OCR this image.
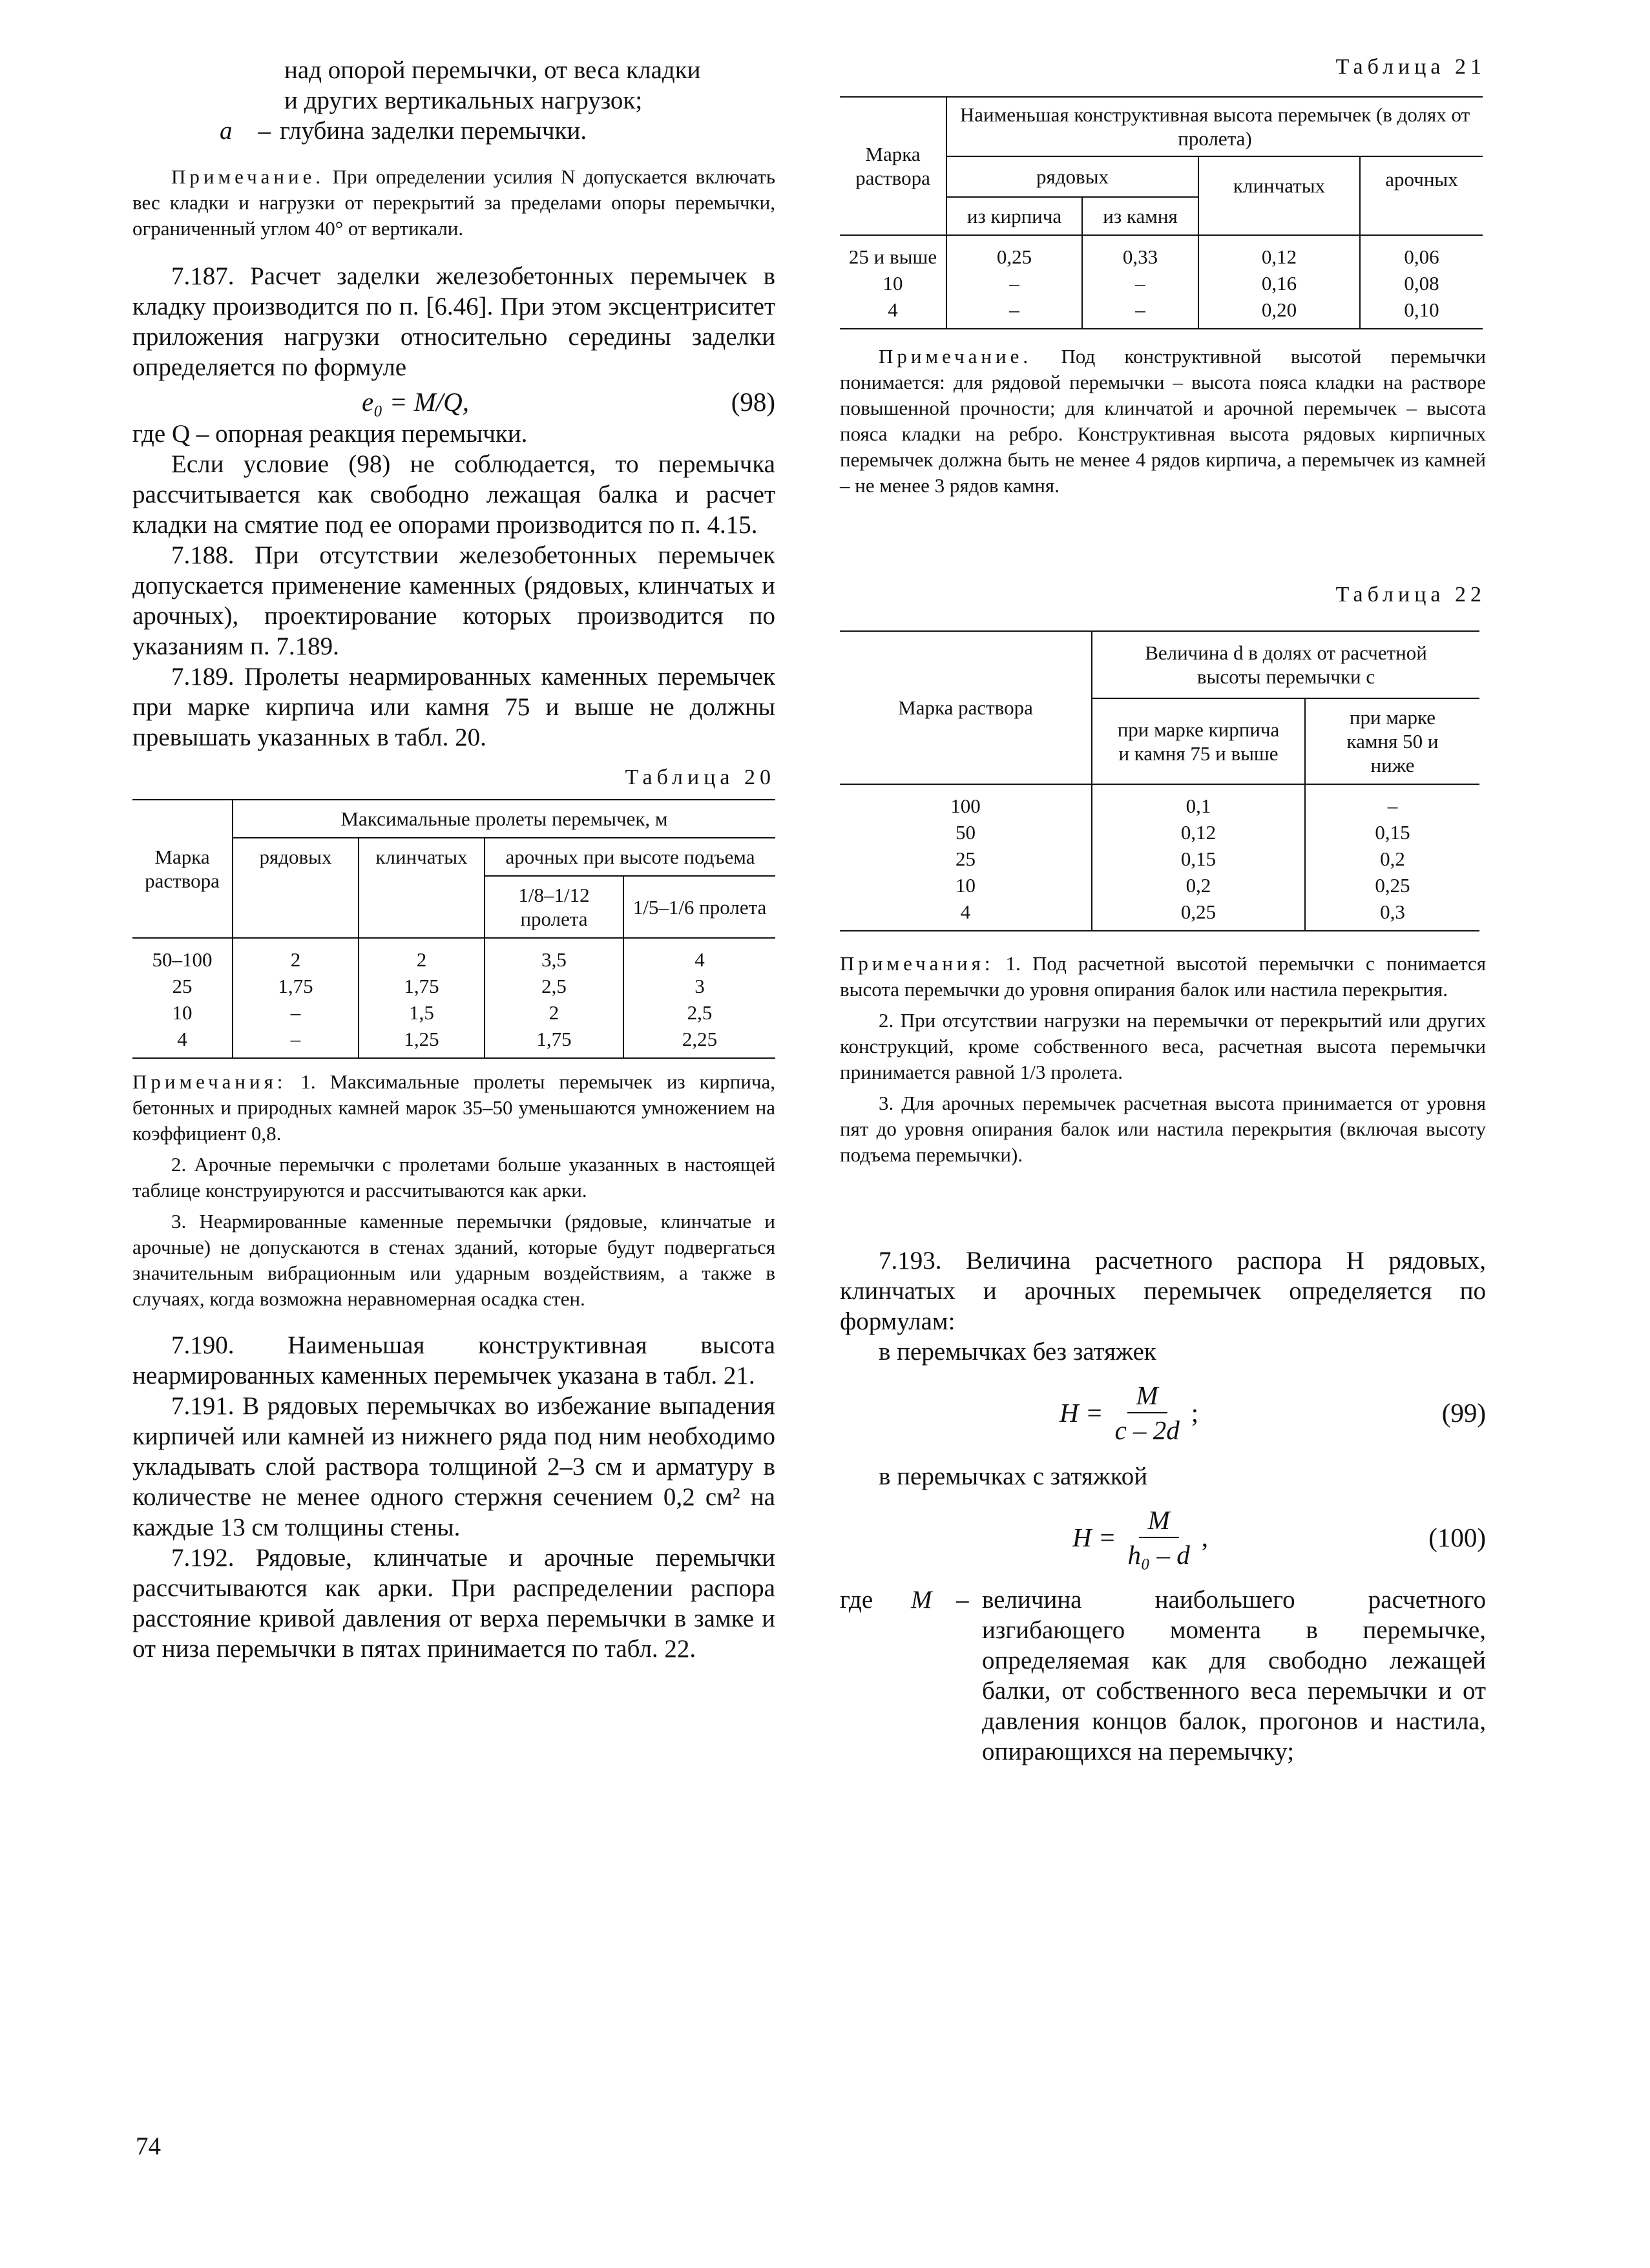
над опорой перемычки, от веса кладки

и других вертикальных нагрузок;

a – глубина заделки перемычки.

Примечание. При определении усилия N допускается включать вес кладки и нагрузки от перекрытий за пределами опоры перемычки, ограниченный углом 40° от вертикали.

7.187. Расчет заделки железобетонных перемычек в кладку производится по п. [6.46]. При этом эксцентриситет приложения нагрузки относительно середины заделки определяется по формуле

e₀ = M/Q,	(98)

где Q – опорная реакция перемычки.

Если условие (98) не соблюдается, то перемычка рассчитывается как свободно лежащая балка и расчет кладки на смятие под ее опорами производится по п. 4.15.

7.188. При отсутствии железобетонных перемычек допускается применение каменных (рядовых, клинчатых и арочных), проектирование которых производится по указаниям п. 7.189.

7.189. Пролеты неармированных каменных перемычек при марке кирпича или камня 75 и выше не должны превышать указанных в табл. 20.

Таблица 20

Марка раствора	Максимальные пролеты перемычек, м			
	рядовых	клинчатых	арочных при высоте подъема	
			1/8–1/12 пролета	1/5–1/6 пролета
50–100	2	2	3,5	4
25	1,75	1,75	2,5	3
10	–	1,5	2	2,5
4	–	1,25	1,75	2,25

Примечания: 1. Максимальные пролеты перемычек из кирпича, бетонных и природных камней марок 35–50 уменьшаются умножением на коэффициент 0,8.

2. Арочные перемычки с пролетами больше указанных в настоящей таблице конструируются и рассчитываются как арки.

3. Неармированные каменные перемычки (рядовые, клинчатые и арочные) не допускаются в стенах зданий, которые будут подвергаться значительным вибрационным или ударным воздействиям, а также в случаях, когда возможна неравномерная осадка стен.

7.190. Наименьшая конструктивная высота неармированных каменных перемычек указана в табл. 21.

7.191. В рядовых перемычках во избежание выпадения кирпичей или камней из нижнего ряда под ним необходимо укладывать слой раствора толщиной 2–3 см и арматуру в количестве не менее одного стержня сечением 0,2 см² на каждые 13 см толщины стены.

7.192. Рядовые, клинчатые и арочные перемычки рассчитываются как арки. При распределении распора расстояние кривой давления от верха перемычки в замке и от низа перемычки в пятах принимается по табл. 22.

Таблица 21

Марка раствора	Наименьшая конструктивная высота перемычек (в долях от пролета)			
	рядовых		клинчатых	арочных
	из кирпича	из камня		
25 и выше	0,25	0,33	0,12	0,06
10	–	–	0,16	0,08
4	–	–	0,20	0,10

Примечание. Под конструктивной высотой перемычки понимается: для рядовой перемычки – высота пояса кладки на растворе повышенной прочности; для клинчатой и арочной перемычек – высота пояса кладки на ребро. Конструктивная высота рядовых кирпичных перемычек должна быть не менее 4 рядов кирпича, а перемычек из камней – не менее 3 рядов камня.

Таблица 22

Марка раствора	Величина d в долях от расчетной высоты перемычки c	
	при марке кирпича и камня 75 и выше	при марке камня 50 и ниже
100	0,1	–
50	0,12	0,15
25	0,15	0,2
10	0,2	0,25
4	0,25	0,3

Примечания: 1. Под расчетной высотой перемычки c понимается высота перемычки до уровня опирания балок или настила перекрытия.

2. При отсутствии нагрузки на перемычки от перекрытий или других конструкций, кроме собственного веса, расчетная высота перемычки принимается равной 1/3 пролета.

3. Для арочных перемычек расчетная высота принимается от уровня пят до уровня опирания балок или настила перекрытия (включая высоту подъема перемычки).

7.193. Величина расчетного распора H рядовых, клинчатых и арочных перемычек определяется по формулам:

в перемычках без затяжек

$H = \frac{M}{c - 2d}$ ;	(99)

в перемычках с затяжкой

$H = \frac{M}{\text{h₀ – d}}$ ,	(100)
где	M – величина наибольшего расчетного изгибающего момента в перемычке, определяемая как для свободно лежащей балки, от собственного веса перемычки и от давления концов балок, прогонов и настила, опирающихся на перемычку;
74
